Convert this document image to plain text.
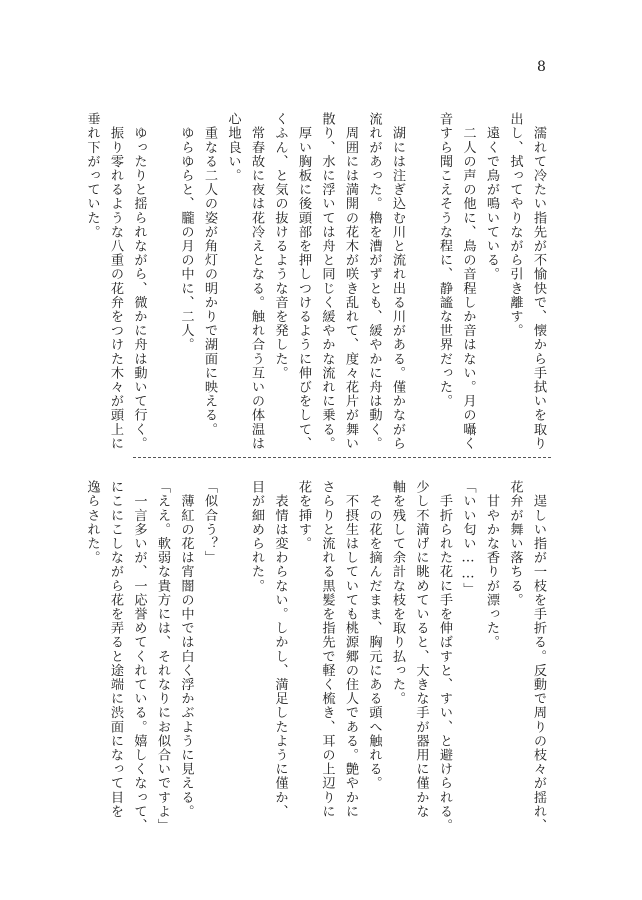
8
　濡れて冷たい指先が不愉快で、懐から手拭いを取り
出し、拭ってやりながら引き離す。
　遠くで鳥が鳴いている。
　二人の声の他に、鳥の音程しか音はない。月の囁く
音すら聞こえそうな程に、静謐な世界だった。

　湖には注ぎ込む川と流れ出る川がある。僅かながら
流れがあった。櫓を漕がずとも、緩やかに舟は動く。
　周囲には満開の花木が咲き乱れて、度々花片が舞い
散り、水に浮いては舟と同じく緩やかな流れに乗る。
　厚い胸板に後頭部を押しつけるように伸びをして、
くふん、と気の抜けるような音を発した。
　常春故に夜は花冷えとなる。触れ合う互いの体温は
心地良い。
　重なる二人の姿が角灯の明かりで湖面に映える。
　ゆらゆらと、朧の月の中に、二人。

　ゆったりと揺られながら、微かに舟は動いて行く。
　振り零れるような八重の花弁をつけた木々が頭上に
垂れ下がっていた。
　逞しい指が一枝を手折る。反動で周りの枝々が揺れ、
花弁が舞い落ちる。
　甘やかな香りが漂った。
「いい匂い……」
　手折られた花に手を伸ばすと、すい、と避けられる。
少し不満げに眺めていると、大きな手が器用に僅かな
軸を残して余計な枝を取り払った。
　その花を摘んだまま、胸元にある頭へ触れる。
　不摂生はしていても桃源郷の住人である。艶やかに
さらりと流れる黒髪を指先で軽く梳き、耳の上辺りに
花を挿す。
　表情は変わらない。しかし、満足したように僅か、
目が細められた。

「似合う？」
　薄紅の花は宵闇の中では白く浮かぶように見える。
「ええ。軟弱な貴方には、それなりにお似合いですよ」
　一言多いが、一応誉めてくれている。嬉しくなって、
にこにこしながら花を弄ると途端に渋面になって目を
逸らされた。
